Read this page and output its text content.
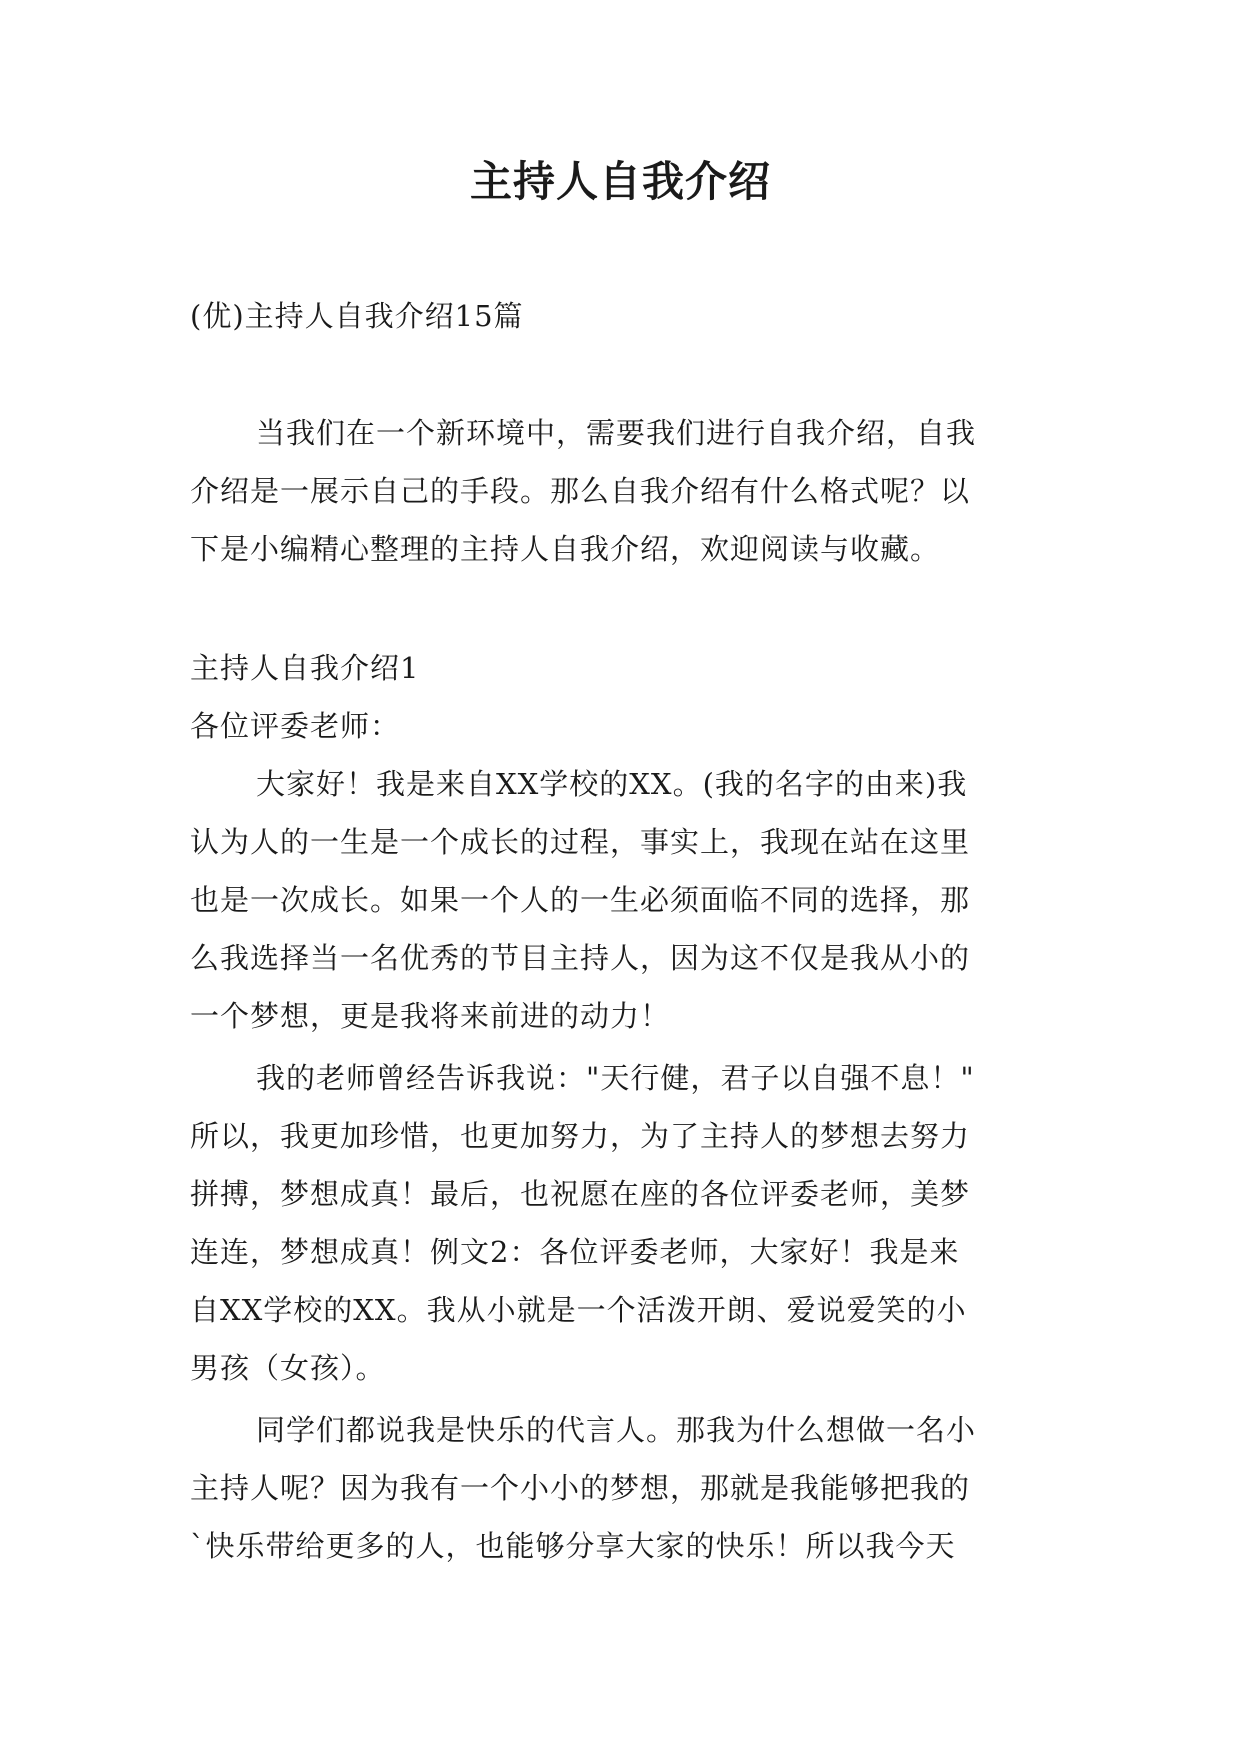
主持人自我介绍
(优)主持人自我介绍15篇
当我们在一个新环境中，需要我们进行自我介绍，自我
介绍是一展示自己的手段。那么自我介绍有什么格式呢？以
下是小编精心整理的主持人自我介绍，欢迎阅读与收藏。
主持人自我介绍1
各位评委老师：
大家好！我是来自XX学校的XX。(我的名字的由来)我
认为人的一生是一个成长的过程，事实上，我现在站在这里
也是一次成长。如果一个人的一生必须面临不同的选择，那
么我选择当一名优秀的节目主持人，因为这不仅是我从小的
一个梦想，更是我将来前进的动力！
我的老师曾经告诉我说："天行健，君子以自强不息！"
所以，我更加珍惜，也更加努力，为了主持人的梦想去努力
拼搏，梦想成真！最后，也祝愿在座的各位评委老师，美梦
连连，梦想成真！例文2：各位评委老师，大家好！我是来
自XX学校的XX。我从小就是一个活泼开朗、爱说爱笑的小
男孩（女孩）。
同学们都说我是快乐的代言人。那我为什么想做一名小
主持人呢？因为我有一个小小的梦想，那就是我能够把我的
`快乐带给更多的人，也能够分享大家的快乐！所以我今天
